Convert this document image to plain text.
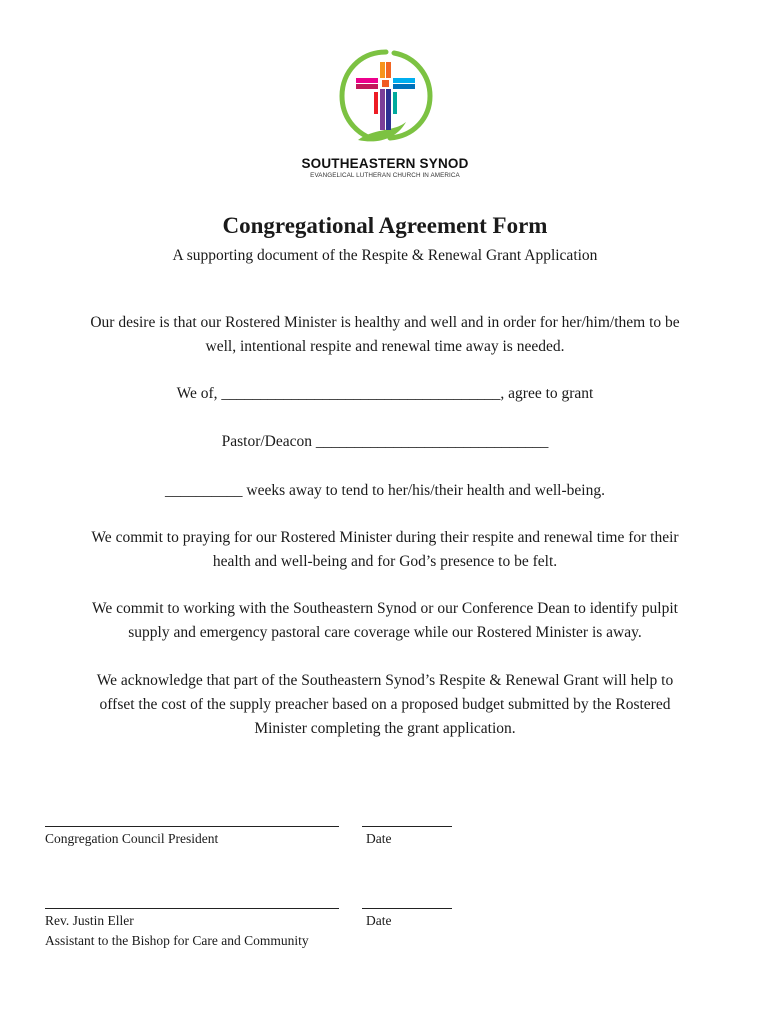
SOUTHEASTERN SYNOD
EVANGELICAL LUTHERAN CHURCH IN AMERICA
Congregational Agreement Form
A supporting document of the Respite & Renewal Grant Application
Our desire is that our Rostered Minister is healthy and well and in order for her/him/them to be
well, intentional respite and renewal time away is needed.
We of, ____________________________________, agree to grant
Pastor/Deacon ______________________________
__________ weeks away to tend to her/his/their health and well-being.
We commit to praying for our Rostered Minister during their respite and renewal time for their
health and well-being and for God’s presence to be felt.
We commit to working with the Southeastern Synod or our Conference Dean to identify pulpit
supply and emergency pastoral care coverage while our Rostered Minister is away.
We acknowledge that part of the Southeastern Synod’s Respite & Renewal Grant will help to
offset the cost of the supply preacher based on a proposed budget submitted by the Rostered
Minister completing the grant application.
Congregation Council President	Date
Rev. Justin Eller	Date
Assistant to the Bishop for Care and Community
